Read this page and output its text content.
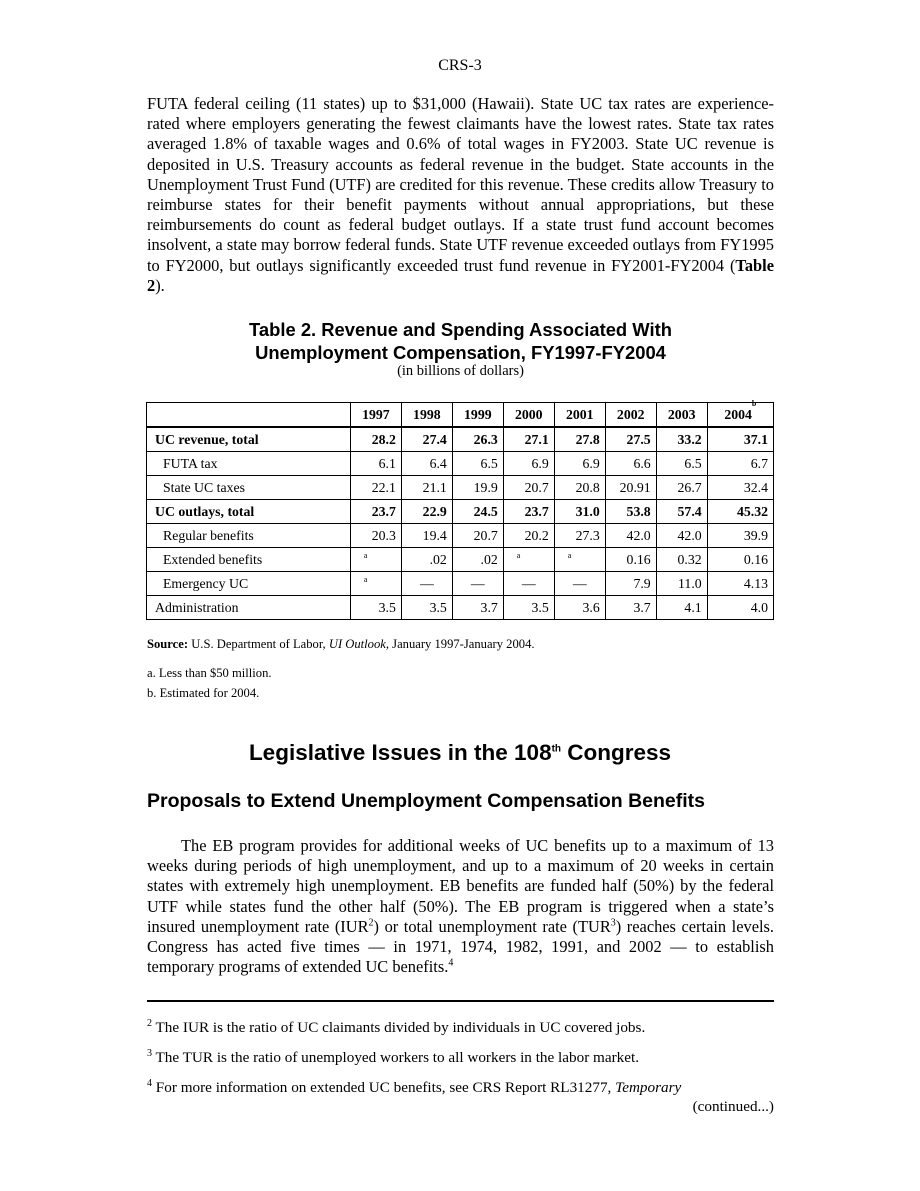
CRS-3

FUTA federal ceiling (11 states) up to $31,000 (Hawaii). State UC tax rates are experience-rated where employers generating the fewest claimants have the lowest rates. State tax rates averaged 1.8% of taxable wages and 0.6% of total wages in FY2003. State UC revenue is deposited in U.S. Treasury accounts as federal revenue in the budget. State accounts in the Unemployment Trust Fund (UTF) are credited for this revenue. These credits allow Treasury to reimburse states for their benefit payments without annual appropriations, but these reimbursements do count as federal budget outlays. If a state trust fund account becomes insolvent, a state may borrow federal funds. State UTF revenue exceeded outlays from FY1995 to FY2000, but outlays significantly exceeded trust fund revenue in FY2001-FY2004 (Table 2).

Table 2. Revenue and Spending Associated With
Unemployment Compensation, FY1997-FY2004
(in billions of dollars)
	1997	1998	1999	2000	2001	2002	2003	2004$^b$
UC revenue, total	28.2	27.4	26.3	27.1	27.8	27.5	33.2	37.1
FUTA tax	6.1	6.4	6.5	6.9	6.9	6.6	6.5	6.7
State UC taxes	22.1	21.1	19.9	20.7	20.8	20.91	26.7	32.4
UC outlays, total	23.7	22.9	24.5	23.7	31.0	53.8	57.4	45.32
Regular benefits	20.3	19.4	20.7	20.2	27.3	42.0	42.0	39.9
Extended benefits	a	.02	.02	a	a	0.16	0.32	0.16
Emergency UC	a	—	—	—	—	7.9	11.0	4.13
Administration	3.5	3.5	3.7	3.5	3.6	3.7	4.1	4.0
Source: U.S. Department of Labor, UI Outlook, January 1997-January 2004.
a. Less than $50 million.
b. Estimated for 2004.
Legislative Issues in the 108th Congress
Proposals to Extend Unemployment Compensation Benefits

The EB program provides for additional weeks of UC benefits up to a maximum of 13 weeks during periods of high unemployment, and up to a maximum of 20 weeks in certain states with extremely high unemployment. EB benefits are funded half (50%) by the federal UTF while states fund the other half (50%). The EB program is triggered when a state’s insured unemployment rate (IUR$^2$) or total unemployment rate (TUR$^3$) reaches certain levels. Congress has acted five times — in 1971, 1974, 1982, 1991, and 2002 — to establish temporary programs of extended UC benefits.$^4$

$^2$ The IUR is the ratio of UC claimants divided by individuals in UC covered jobs.

$^3$ The TUR is the ratio of unemployed workers to all workers in the labor market.

$^4$ For more information on extended UC benefits, see CRS Report RL31277, Temporary

(continued...)
